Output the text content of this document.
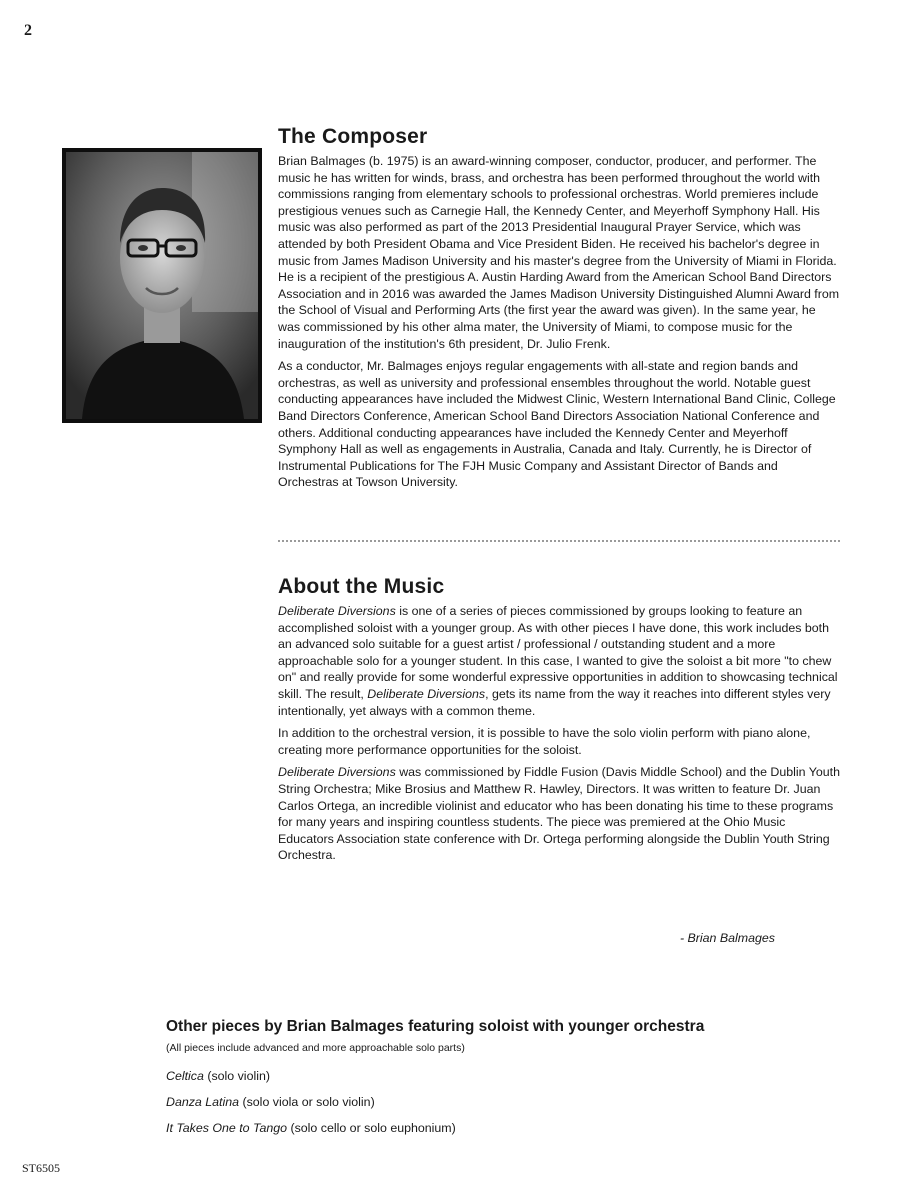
2
The Composer

Brian Balmages (b. 1975) is an award-winning composer, conductor, producer, and performer. The music he has written for winds, brass, and orchestra has been performed throughout the world with commissions ranging from elementary schools to professional orchestras. World premieres include prestigious venues such as Carnegie Hall, the Kennedy Center, and Meyerhoff Symphony Hall. His music was also performed as part of the 2013 Presidential Inaugural Prayer Service, which was attended by both President Obama and Vice President Biden. He received his bachelor's degree in music from James Madison University and his master's degree from the University of Miami in Florida. He is a recipient of the prestigious A. Austin Harding Award from the American School Band Directors Association and in 2016 was awarded the James Madison University Distinguished Alumni Award from the School of Visual and Performing Arts (the first year the award was given). In the same year, he was commissioned by his other alma mater, the University of Miami, to compose music for the inauguration of the institution's 6th president, Dr. Julio Frenk.

As a conductor, Mr. Balmages enjoys regular engagements with all-state and region bands and orchestras, as well as university and professional ensembles throughout the world. Notable guest conducting appearances have included the Midwest Clinic, Western International Band Clinic, College Band Directors Conference, American School Band Directors Association National Conference and others. Additional conducting appearances have included the Kennedy Center and Meyerhoff Symphony Hall as well as engagements in Australia, Canada and Italy. Currently, he is Director of Instrumental Publications for The FJH Music Company and Assistant Director of Bands and Orchestras at Towson University.

About the Music

Deliberate Diversions is one of a series of pieces commissioned by groups looking to feature an accomplished soloist with a younger group. As with other pieces I have done, this work includes both an advanced solo suitable for a guest artist / professional / outstanding student and a more approachable solo for a younger student. In this case, I wanted to give the soloist a bit more "to chew on" and really provide for some wonderful expressive opportunities in addition to showcasing technical skill. The result, Deliberate Diversions, gets its name from the way it reaches into different styles very intentionally, yet always with a common theme.

In addition to the orchestral version, it is possible to have the solo violin perform with piano alone, creating more performance opportunities for the soloist.

Deliberate Diversions was commissioned by Fiddle Fusion (Davis Middle School) and the Dublin Youth String Orchestra; Mike Brosius and Matthew R. Hawley, Directors. It was written to feature Dr. Juan Carlos Ortega, an incredible violinist and educator who has been donating his time to these programs for many years and inspiring countless students. The piece was premiered at the Ohio Music Educators Association state conference with Dr. Ortega performing alongside the Dublin Youth String Orchestra.

- Brian Balmages
Other pieces by Brian Balmages featuring soloist with younger orchestra
(All pieces include advanced and more approachable solo parts)
Celtica (solo violin)
Danza Latina (solo viola or solo violin)
It Takes One to Tango (solo cello or solo euphonium)
ST6505
